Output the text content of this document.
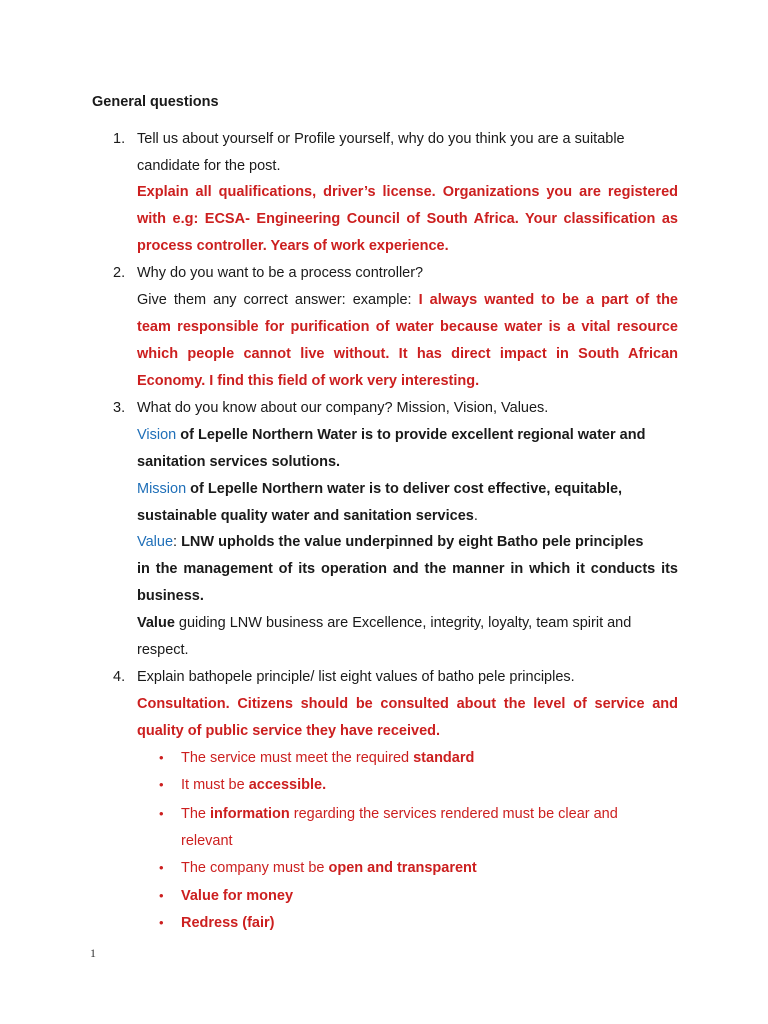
General questions
1. Tell us about yourself or Profile yourself, why do you think you are a suitable
candidate for the post.
Explain all qualifications, driver’s license. Organizations you are registered
with e.g: ECSA- Engineering Council of South Africa. Your classification as
process controller. Years of work experience.
2. Why do you want to be a process controller?
Give them any correct answer: example: I always wanted to be a part of the
team responsible for purification of water because water is a vital resource
which people cannot live without. It has direct impact in South African
Economy. I find this field of work very interesting.
3. What do you know about our company? Mission, Vision, Values.
Vision of Lepelle Northern Water is to provide excellent regional water and
sanitation services solutions.
Mission of Lepelle Northern water is to deliver cost effective, equitable,
sustainable quality water and sanitation services.
Value: LNW upholds the value underpinned by eight Batho pele principles
in the management of its operation and the manner in which it conducts its
business.
Value guiding LNW business are Excellence, integrity, loyalty, team spirit and
respect.
4. Explain bathopele principle/ list eight values of batho pele principles.
Consultation. Citizens should be consulted about the level of service and
quality of public service they have received.
• The service must meet the required standard
• It must be accessible.
• The information regarding the services rendered must be clear and
relevant
• The company must be open and transparent
• Value for money
• Redress (fair)
1
